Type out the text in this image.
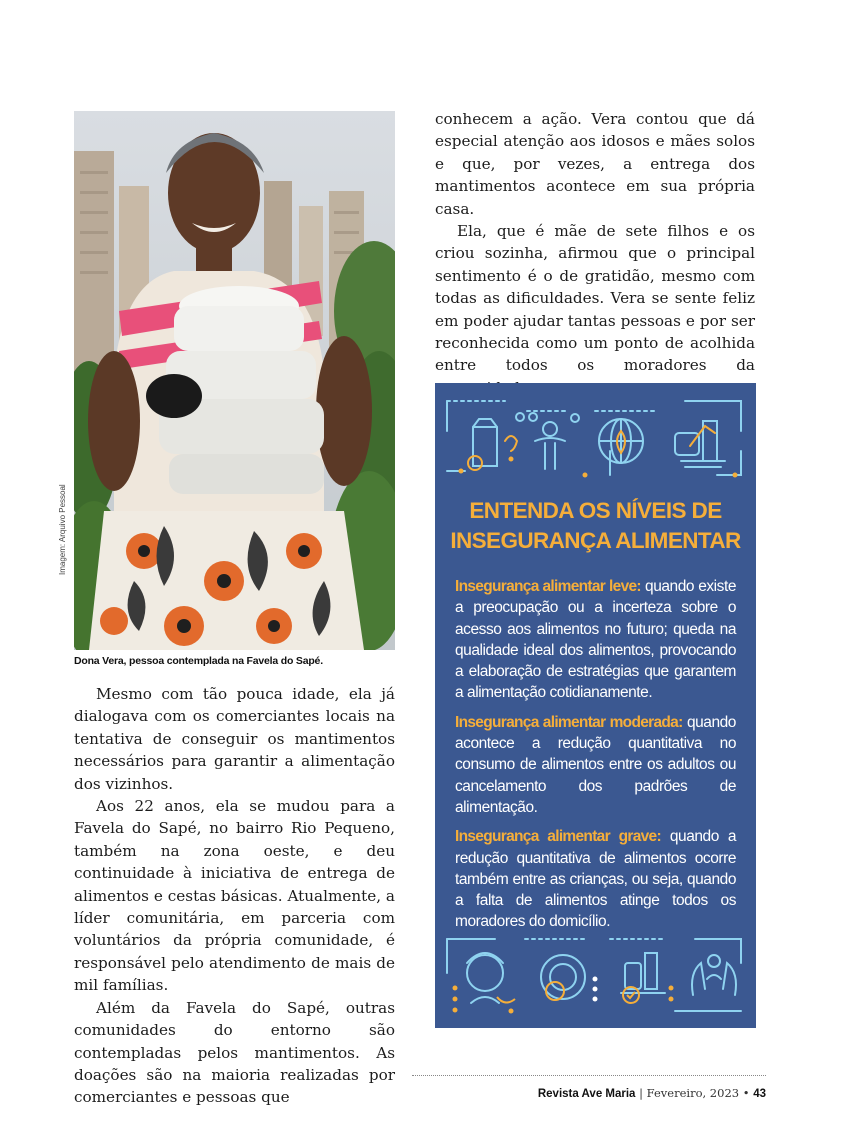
Imagem: Arquivo Pessoal
Dona Vera, pessoa contemplada na Favela do Sapé.

Mesmo com tão pouca idade, ela já dialogava com os comerciantes locais na tentativa de conseguir os mantimentos necessários para garantir a alimentação dos vizinhos.

Aos 22 anos, ela se mudou para a Favela do Sapé, no bairro Rio Pequeno, também na zona oeste, e deu continuidade à iniciativa de entrega de alimentos e cestas básicas. Atualmente, a líder comunitária, em parceria com voluntários da própria comunidade, é responsável pelo atendimento de mais de mil famílias.

Além da Favela do Sapé, outras comunidades do entorno são contempladas pelos mantimentos. As doações são na maioria realizadas por comerciantes e pessoas que

conhecem a ação. Vera contou que dá especial atenção aos idosos e mães solos e que, por vezes, a entrega dos mantimentos acontece em sua própria casa.

Ela, que é mãe de sete filhos e os criou sozinha, afirmou que o principal sentimento é o de gratidão, mesmo com todas as dificuldades. Vera se sente feliz em poder ajudar tantas pessoas e por ser reconhecida como um ponto de acolhida entre todos os moradores da

ENTENDA OS NÍVEIS DE
INSEGURANÇA ALIMENTAR

Insegurança alimentar leve: quando existe a preocupação ou a incerteza sobre o acesso aos alimentos no futuro; queda na qualidade ideal dos alimentos, provocando a elaboração de estratégias que garantem a alimentação cotidianamente.

Insegurança alimentar moderada: quando acontece a redução quantitativa no consumo de alimentos entre os adultos ou cancelamento dos padrões de alimentação.

Insegurança alimentar grave: quando a redução quantitativa de alimentos ocorre também entre as crianças, ou seja, quando a falta de alimentos atinge todos os moradores do domicílio.

Revista Ave Maria | Fevereiro, 2023 • 43
